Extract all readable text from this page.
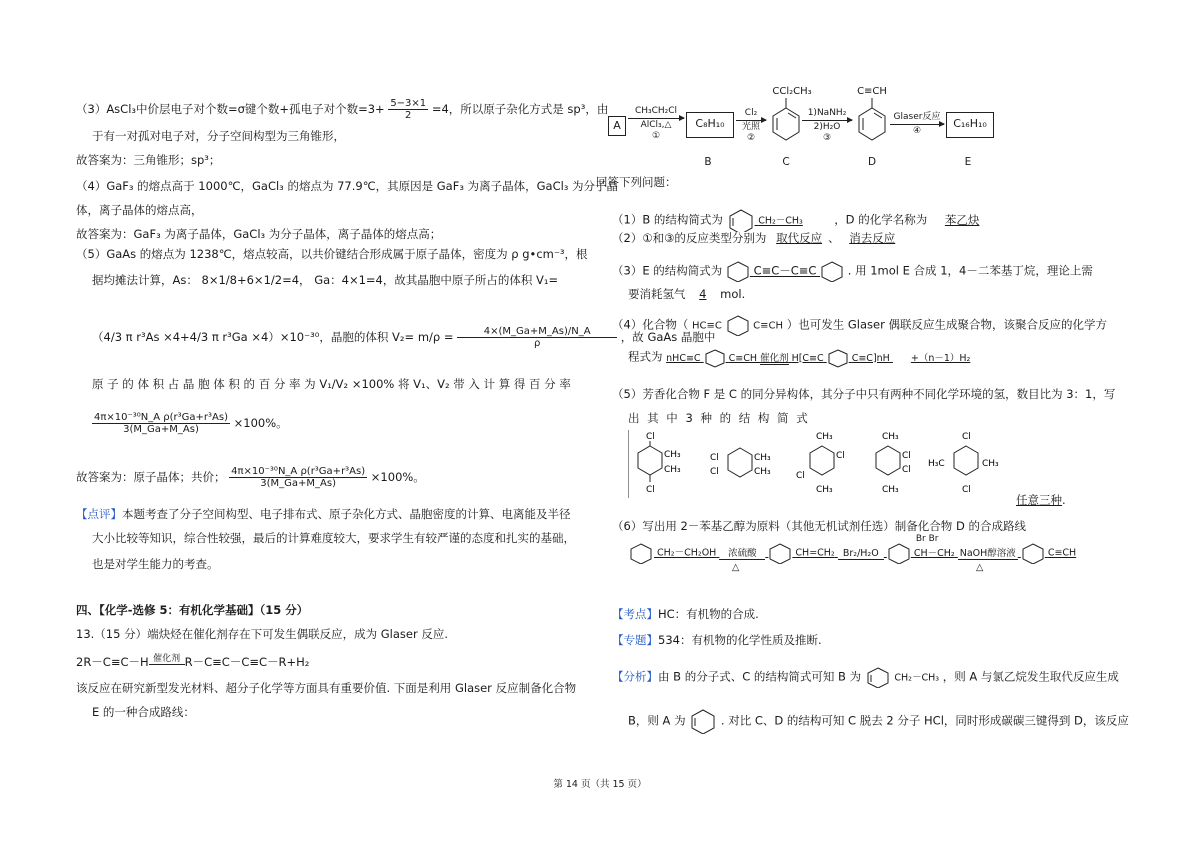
（3）AsCl₃中价层电子对个数=σ键个数+孤电子对个数$=3+ \frac{5-3\times 1}{2} =4$，所以原子杂化方式是 sp³，由
于有一对孤对电子对，分子空间构型为三角锥形，
故答案为：三角锥形；sp³；
（4）GaF₃ 的熔点高于 1000℃，GaCl₃ 的熔点为 77.9℃，其原因是 GaF₃ 为离子晶体，GaCl₃ 为分子晶
体，离子晶体的熔点高，
故答案为：GaF₃ 为离子晶体，GaCl₃ 为分子晶体，离子晶体的熔点高；
（5）GaAs 的熔点为 1238℃，熔点较高，以共价键结合形成属于原子晶体，密度为 ρ g•cm⁻³，根
据均摊法计算，As： 8×1/8+6×1/2=4， Ga：4×1=4，故其晶胞中原子所占的体积 V₁=
（4/3 π r³As ×4+4/3 π r³Ga ×4）×10⁻³⁰，晶胞的体积 $V_2= m/\rho = \frac{4\times(M\_Ga+M\_As)/N\_A}{\rho}$ ，故 GaAs 晶胞中
原 子 的 体 积 占 晶 胞 体 积 的 百 分 率 为 V₁/V₂ ×100% 将 V₁、V₂ 带 入 计 算 得 百 分 率
$\frac{\text{4π×10⁻³⁰N\_A ρ(r³Ga+r³As)}}{3(M\_Ga+M\_As)} \times 100\%$。
故答案为：原子晶体；共价； $\frac{\text{4π×10⁻³⁰N\_A ρ(r³Ga+r³As)}}{3(M\_Ga+M\_As)} \times 100\%$。
【点评】本题考查了分子空间构型、电子排布式、原子杂化方式、晶胞密度的计算、电离能及半径
大小比较等知识，综合性较强，最后的计算难度较大，要求学生有较严谨的态度和扎实的基础，
也是对学生能力的考查。
四、【化学-选修 5：有机化学基础】（15 分）
13.（15 分）端炔烃在催化剂存在下可发生偶联反应，成为 Glaser 反应.
2R－C≡C－H 催化剂 R－C≡C－C≡C－R+H₂
该反应在研究新型发光材料、超分子化学等方面具有重要价值. 下面是利用 Glaser 反应制备化合物
E 的一种合成路线：
A
CH₃CH₂Cl
AlCl₃,△
①
C₈H₁₀
Cl₂
光照
②
CCl₂CH₃
1)NaNH₂
2)H₂O
③
C≡CH
Glaser反应
④
C₁₆H₁₀
B	C	D	E
回答下列问题：
（1）B 的结构简式为	CH₂－CH₃	，D 的化学名称为 苯乙炔
（2）①和③的反应类型分别为 取代反应 、 消去反应
（3）E 的结构简式为	C≡C－C≡C	. 用 1mol E 合成 1，4－二苯基丁烷，理论上需
要消耗氢气 4 mol.
（4）化合物（ HC≡C	C≡CH ）也可发生 Glaser 偶联反应生成聚合物，该聚合反应的化学方
程式为 nHC≡C	C≡CH 催化剂 H[C≡C	C≡C]nH +（n－1）H₂
（5）芳香化合物 F 是 C 的同分异构体，其分子中只有两种不同化学环境的氢，数目比为 3：1，写
出 其 中 3 种 的 结 构 简 式
Cl
Cl
CH₃
CH₃
Cl
Cl
CH₃
CH₃
CH₃
Cl
Cl
CH₃
CH₃
Cl
Cl
CH₃
Cl
H₃C	CH₃
Cl
任意三种.
（6）写出用 2－苯基乙醇为原料（其他无机试剂任选）制备化合物 D 的合成路线
CH₂－CH₂OH 浓硫酸	CH=CH₂ Br₂/H₂O
Br Br
CH－CH₂ NaOH醇溶液	C≡CH
△	△
【考点】HC：有机物的合成.
【专题】534：有机物的化学性质及推断.
【分析】由 B 的分子式、C 的结构简式可知 B 为	CH₂－CH₃ ，则 A 与氯乙烷发生取代反应生成
B，则 A 为	. 对比 C、D 的结构可知 C 脱去 2 分子 HCl，同时形成碳碳三键得到 D，该反应
第 14 页（共 15 页）
